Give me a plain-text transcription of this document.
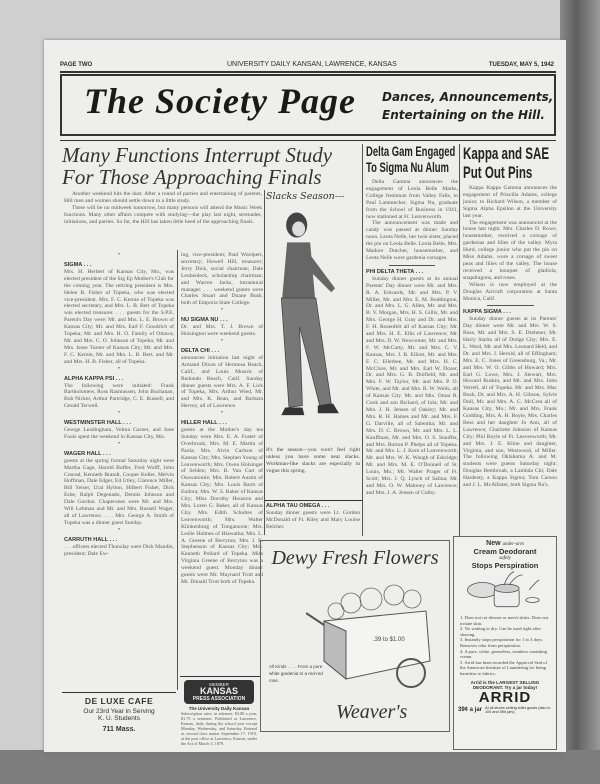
PAGE TWO	UNIVERSITY DAILY KANSAN, LAWRENCE, KANSAS	TUESDAY, MAY 5, 1942
The Society Page Dances, Announcements,
Entertaining on the Hill.
Many Functions Interrupt Study
For Those Approaching Finals

Another weekend hits the dust. After a round of parties and entertaining of parents, Hill men and women should settle down to a little study.

There will be no midweek tomorrow, but many persons will attend the Music Week functions. Many other affairs compete with studying—the play last night, serenades, initiations, and parties. So far, the Hill has taken little heed of the approaching finals.

•
SIGMA . . .

Mrs. H. Herbert of Kansas City, Mo., was elected president of the Sig Ep Mother's Club for the coming year. The retiring president is Mrs. Helen B. Fisher of Topeka, who was elected vice-president. Mrs. F. C. Kernie of Topeka was elected secretary, and Mrs. L. B. Bert of Topeka was elected treasurer. . . . guests for the S.P.E. Parent's Day were: Mr. and Mrs. L. E. Brown of Kansas City; Mr. and Mrs. Earl F. Goodrich of Topeka; Mr. and Mrs. H. O. Family of Ottawa; Mr. and Mrs. C. O. Johnson of Topeka; Mr. and Mrs. Jesse Turner of Kansas City; Mr. and Mrs. F. C. Kernie, Mr. and Mrs. L. B. Bert, and Mr. and Mrs. H. B. Fisher, all of Topeka.

•
ALPHA KAPPA PSI . . .

The following were initiated: Frank Bartholomew, Ross Rasmussen, John Buchanan, Bob Nicker, Arthur Partridge, C. E. Russell, and Gerald Terwell.

•
WESTMINSTER HALL . . .

George Leadingham, Velma Garnet, and June Fouls spent the weekend in Kansas City, Mo.

•
WAGER HALL . . .

guests at the spring formal Saturday night were Martha Gage, Harold Buffer, Fred Wolff, John Conrad, Kenneth Brandt, Cooper Keller, Melvin Hoffman, Dale Edger, Ed Utley, Clarence Miller, Bill Yeiser, Ural Hylton, Hilbert Fisher, Dick Esbe, Ralph Degenado, Dennis Johnson and Dale Gordon. Chaperones were Mr. and Mrs. Will Lehman and Mr. and Mrs. Russell Wager, all of Lawrence. . . . Mrs. George A. Smith of Topeka was a dinner guest Sunday.

•
CARRUTH HALL . . .

. . . officers elected Thursday were Dick Mandin, president; Dale Ew-

ing, vice-president; Paul Woolpert, secretary; Howell Hill, treasurer; Jerry Dick, social chairman; Dale Leuhenleck, scholarship chairman; and Warren Jacks, intramural manager. . . . weekend guests were Charles Stuart and Duane Bush, both of Emporia State College.

•
NU SIGMA NU . . .

Dr. and Mrs. T. J. Brown of Hoisington were weekend guests.

•
DELTA CHI . . .

announces initiation last night of Armand Dixon of Hermosa Beach, Calif., and Louis Mosick of Redondo Beach, Calif. Sunday dinner guests were Mrs. A. F. Lick of Topeka, Mrs. Arthur Wied, Mr. and Mrs. K. Bean, and Barbara Hervey, all of Lawrence.

•
HILLER HALL . . .

guests at the Mother's day tea Sunday were Mrs. E. A. Foster of Overbrook; Mrs. M. E. Martin of Paola; Mrs. Alvin Carlson of Kansas City; Mrs. Stephen Young of Leavenworth; Mrs. Owen Holsinger of Selden; Mrs. B. Van Curt of Osawatomie; Mrs. Robert Austin of Kansas City; Mrs. Louis Barrs of Eudora; Mrs. W. S. Baker of Kansas City; Miss Dorothy Houston and Mrs. Loren G. Baker, all of Kansas City. Mrs. Edith Schultes of Leavenworth; Mrs. Walter Klinkenburg of Tonganoxie; Mrs. Leslie Holmes of Hiawatha; Mrs. L. A. Greene of Berryton; Mrs. I. E. Stephenson of Kansas City; Mrs. Kenneth Pollard of Topeka. Miss Virginia Greene of Berryton was a weekend guest. Monday dinner guests were Mr. Maynard Trott and Mr. Donald Trott both of Topeka.

Slacks Season---

It's the season—you won't feel right unless you have some neat slacks. Workman-like slacks are especially in vogue this spring.

ALPHA TAU OMEGA . . .

Sunday dinner guests were Lt. Gordon McDonald of Ft. Riley and Mary Louise Belcher.

Delta Gam Engaged
To Sigma Nu Alum

Delta Gamma announces the engagement of Leola Belle Marks, College freshman from Valley Falls, to Paul Lammecker, Sigma Nu, graduate from the School of Business in 1941, now stationed at Ft. Leavenworth.

The announcement was made and candy was passed at dinner Sunday noon. Leota Nelle, her twin sister, placed the pin on Leola Belle. Leola Belle, Mrs. Madore Dutcher, housemother, and Leota Nelle wore gardenia corsages.

PHI DELTA THETA . . .

Sunday dinner guests at its annual Parents' Day dinner were Mr. and Mrs. R. A. Edwards, Mr. and Mrs. P. V. Miller, Mr. and Mrs. E. M. Boddington, Dr. and Mrs. L. G. Allen, Mr. and Mrs. B. V. Morgan, Mrs. H. S. Gillis, Mr. and Mrs. George H. Gray and Dr. and Mrs. F. H. Rosenfelt all of Kansas City; Mr. and Mrs. H. E. Ellis of Lawrence; Mr. and Mrs. D. W. Newcomer, Mr. and Mrs. F. W. McCarty, Mr. and Mrs. C. V. Kansas, Mrs. J. B. Elliott, Mr. and Mrs. F. C. Ellerbee, Mr. and Mrs. H. C. McClure, Mr. and Mrs. Earl W. Dozer, Dr. and Mrs. G. B. Dulfield, Mr. and Mrs. F. W. Taylor, Mr. and Mrs. P. O. White, and Mr. and Mrs. R. W. Wells, all of Kansas City. Mr. and Mrs. Omar R. Cook and son Richard, of Iola; Mr. and Mrs. J. H. Jensen of Oakley; Mr. and Mrs. R. H. Haines and Mr. and Mrs. F. G. Darville, all of Salentha; Mr. and Mrs. D. C. Brown, Mr. and Mrs. L. L. Kauffman, Mr. and Mrs. O. S. Stauffer, and Mrs. Burton P. Phelps all of Topeka. Mr. and Mrs. L. J. Kern of Leavenworth; Mr. and Mrs. W. K. Waugh of Eskridge; Mr. and Mrs. M. E. O'Donnell of St. Louis, Mo.; Mr. Walter Prager of Ft. Scott; Mrs. J. Q. Lynch of Salina; Mr. and Mrs. O. W. Maloney of Lawrence; and Mrs. J. A. Jensen of Colby.

Kappa and SAE
Put Out Pins

Kappa Kappa Gamma announces the engagement of Priscilla Adams, college junior, to Richard Wilson, a member of Sigma Alpha Epsilon at the University last year.

The engagement was announced at the house last night. Mrs. Charles D. Rowe, housemother, received a corsage of gardenias and lilies of the valley. Myra Hurd, college junior who put the pin on Miss Adams, wore a corsage of sweet peas and lilies of the valley. The house received a bouquet of gladiola, snapdragons, and roses.

Wilson is now employed at the Douglas Aircraft corporation at Santa Monica, Calif.

KAPPA SIGMA . . .

Sunday dinner guests at its Parents' Day dinner were Mr. and Mrs. W. S. Buss, Mr. and Mrs. S. E. Drehmer, Mr. Harry Starks all of Dodge City; Mrs. E. L. Ward, Mr. and Mrs. Leonard Held, and Dr. and Mrs. J. Herold, all of Effingham; Mrs. E. C. Jones of Greensburg, Va.; Mr. and Mrs. W. O. Gibbs of Howard; Mrs. Earl G. Lowe, Mrs. J. Stewart, Mrs. Howard Ruskin, and Mr. and Mrs. John Verrell, all of Topeka. Mr. and Mrs. Mac Bush, Dr. and Mrs. A. H. Gibson, Sylvie Doll, Mr. and Mrs. A. C. McCrea all of Kansas City, Mo.; Mr. and Mrs. Frank Godding, Mrs. A. H. Boyle, Mrs. Charles Bess and her daughter Jo Ann, all of Lawrence; Charlotte Johnson of Kansas City; Phil Boyle of Ft. Leavenworth; Mr. and Mrs. J. E. Kline and daughter, Virginia, and son, Westwood, of Miller. The following Oklahoma A. and M. students were guests Saturday night: Douglas Bembroak, a Lambda Chi; Dale Hardesty, a Kappa Sigma; Tom Carson and J. L. McAllister, both Sigma Nu's.

DE LUXE CAFE
Our 23rd Year in Serving
K. U. Students
711 Mass.
MEMBER
KANSAS
PRESS ASSOCIATION
The University Daily Kansan

Subscription rates, in advance, $3.00 a year, $1.75 a semester. Published at Lawrence, Kansas, daily during the school year except Monday, Wednesday, and Saturday. Entered as second class matter September 17, 1910, at the post office at Lawrence, Kansas, under the Act of March 3, 1879.

Dewy Fresh Flowers
.39 to $1.00
All Kinds . . . . From a pure white gardenia to a red-red rose.
Weaver's
New under-arm
Cream Deodorant
safely
Stops Perspiration
1. Does not rot dresses or men's shirts. Does not irritate skin.
2. No waiting to dry. Can be used right after shaving.
3. Instantly stops perspiration for 1 to 3 days. Removes odor from perspiration.
4. A pure, white, greaseless, stainless vanishing cream.
5. Arrid has been awarded the Approval Seal of the American Institute of Laundering for being harmless to fabrics.
Arrid is the LARGEST SELLING DEODORANT. Try a jar today!
ARRID
39¢ a jar At all stores selling toilet goods (also in 10¢ and 59¢ jars)
